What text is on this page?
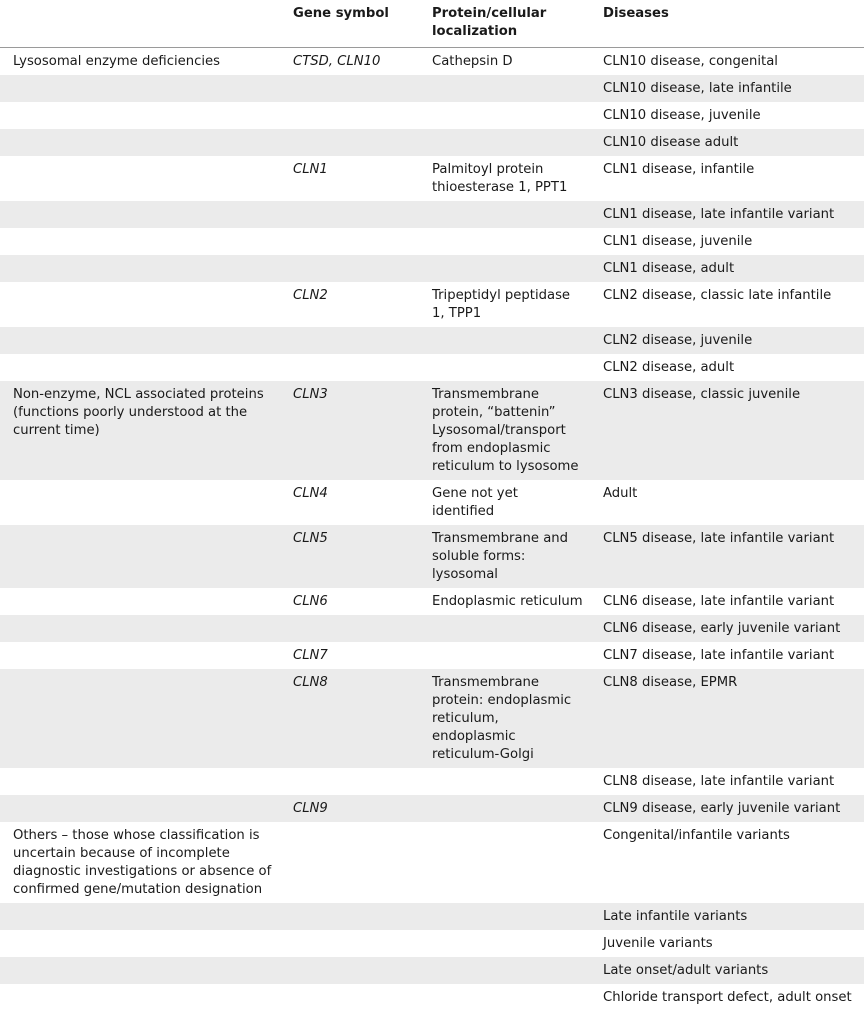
	Gene symbol	Protein/cellular localization	Diseases
Lysosomal enzyme deficiencies	CTSD, CLN10	Cathepsin D	CLN10 disease, congenital
			CLN10 disease, late infantile
			CLN10 disease, juvenile
			CLN10 disease adult
	CLN1	Palmitoyl protein thioesterase 1, PPT1	CLN1 disease, infantile
			CLN1 disease, late infantile variant
			CLN1 disease, juvenile
			CLN1 disease, adult
	CLN2	Tripeptidyl peptidase 1, TPP1	CLN2 disease, classic late infantile
			CLN2 disease, juvenile
			CLN2 disease, adult
Non-enzyme, NCL associated proteins (functions poorly understood at the current time)	CLN3	Transmembrane protein, “battenin” Lysosomal/transport from endoplasmic reticulum to lysosome	CLN3 disease, classic juvenile
	CLN4	Gene not yet identified	Adult
	CLN5	Transmembrane and soluble forms: lysosomal	CLN5 disease, late infantile variant
	CLN6	Endoplasmic reticulum	CLN6 disease, late infantile variant
			CLN6 disease, early juvenile variant
	CLN7		CLN7 disease, late infantile variant
	CLN8	Transmembrane protein: endoplasmic reticulum, endoplasmic reticulum-Golgi	CLN8 disease, EPMR
			CLN8 disease, late infantile variant
	CLN9		CLN9 disease, early juvenile variant
Others – those whose classification is uncertain because of incomplete diagnostic investigations or absence of confirmed gene/mutation designation			Congenital/infantile variants
			Late infantile variants
			Juvenile variants
			Late onset/adult variants
			Chloride transport defect, adult onset
